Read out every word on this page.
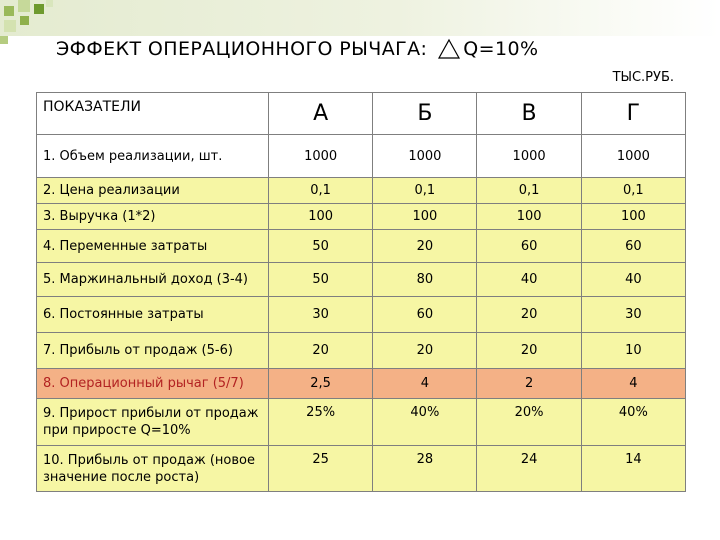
ЭФФЕКТ ОПЕРАЦИОННОГО РЫЧАГА: Q=10%
ТЫС.РУБ.
ПОКАЗАТЕЛИ	А	Б	В	Г
1. Объем реализации, шт.	1000	1000	1000	1000
2. Цена реализации	0,1	0,1	0,1	0,1
3. Выручка (1*2)	100	100	100	100
4. Переменные затраты	50	20	60	60
5. Маржинальный доход (3-4)	50	80	40	40
6. Постоянные затраты	30	60	20	30
7. Прибыль от продаж (5-6)	20	20	20	10
8. Операционный рычаг (5/7)	2,5	4	2	4
9. Прирост прибыли от продаж при приросте Q=10%	25%	40%	20%	40%
10. Прибыль от продаж (новое значение после роста)	25	28	24	14
